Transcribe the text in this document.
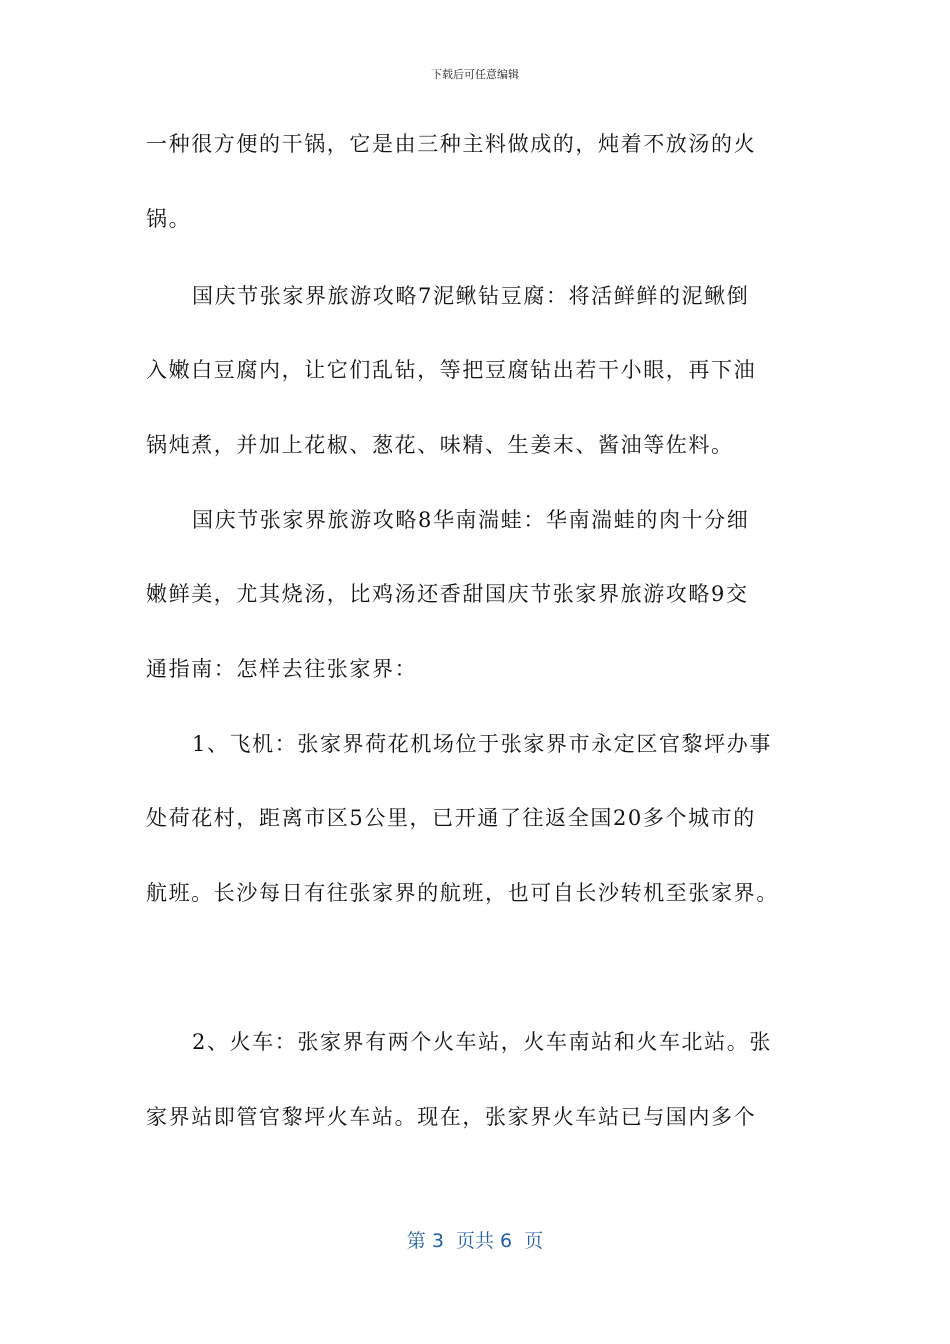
下载后可任意编辑
一种很方便的干锅，它是由三种主料做成的，炖着不放汤的火
锅。
国庆节张家界旅游攻略7泥鳅钻豆腐：将活鲜鲜的泥鳅倒
入嫩白豆腐内，让它们乱钻，等把豆腐钻出若干小眼，再下油
锅炖煮，并加上花椒、葱花、味精、生姜末、酱油等佐料。
国庆节张家界旅游攻略8华南湍蛙：华南湍蛙的肉十分细
嫩鲜美，尤其烧汤，比鸡汤还香甜国庆节张家界旅游攻略9交
通指南：怎样去往张家界：
1、飞机：张家界荷花机场位于张家界市永定区官黎坪办事
处荷花村，距离市区5公里，已开通了往返全国20多个城市的
航班。长沙每日有往张家界的航班，也可自长沙转机至张家界。
2、火车：张家界有两个火车站，火车南站和火车北站。张
家界站即管官黎坪火车站。现在，张家界火车站已与国内多个
第 3  页共 6  页
